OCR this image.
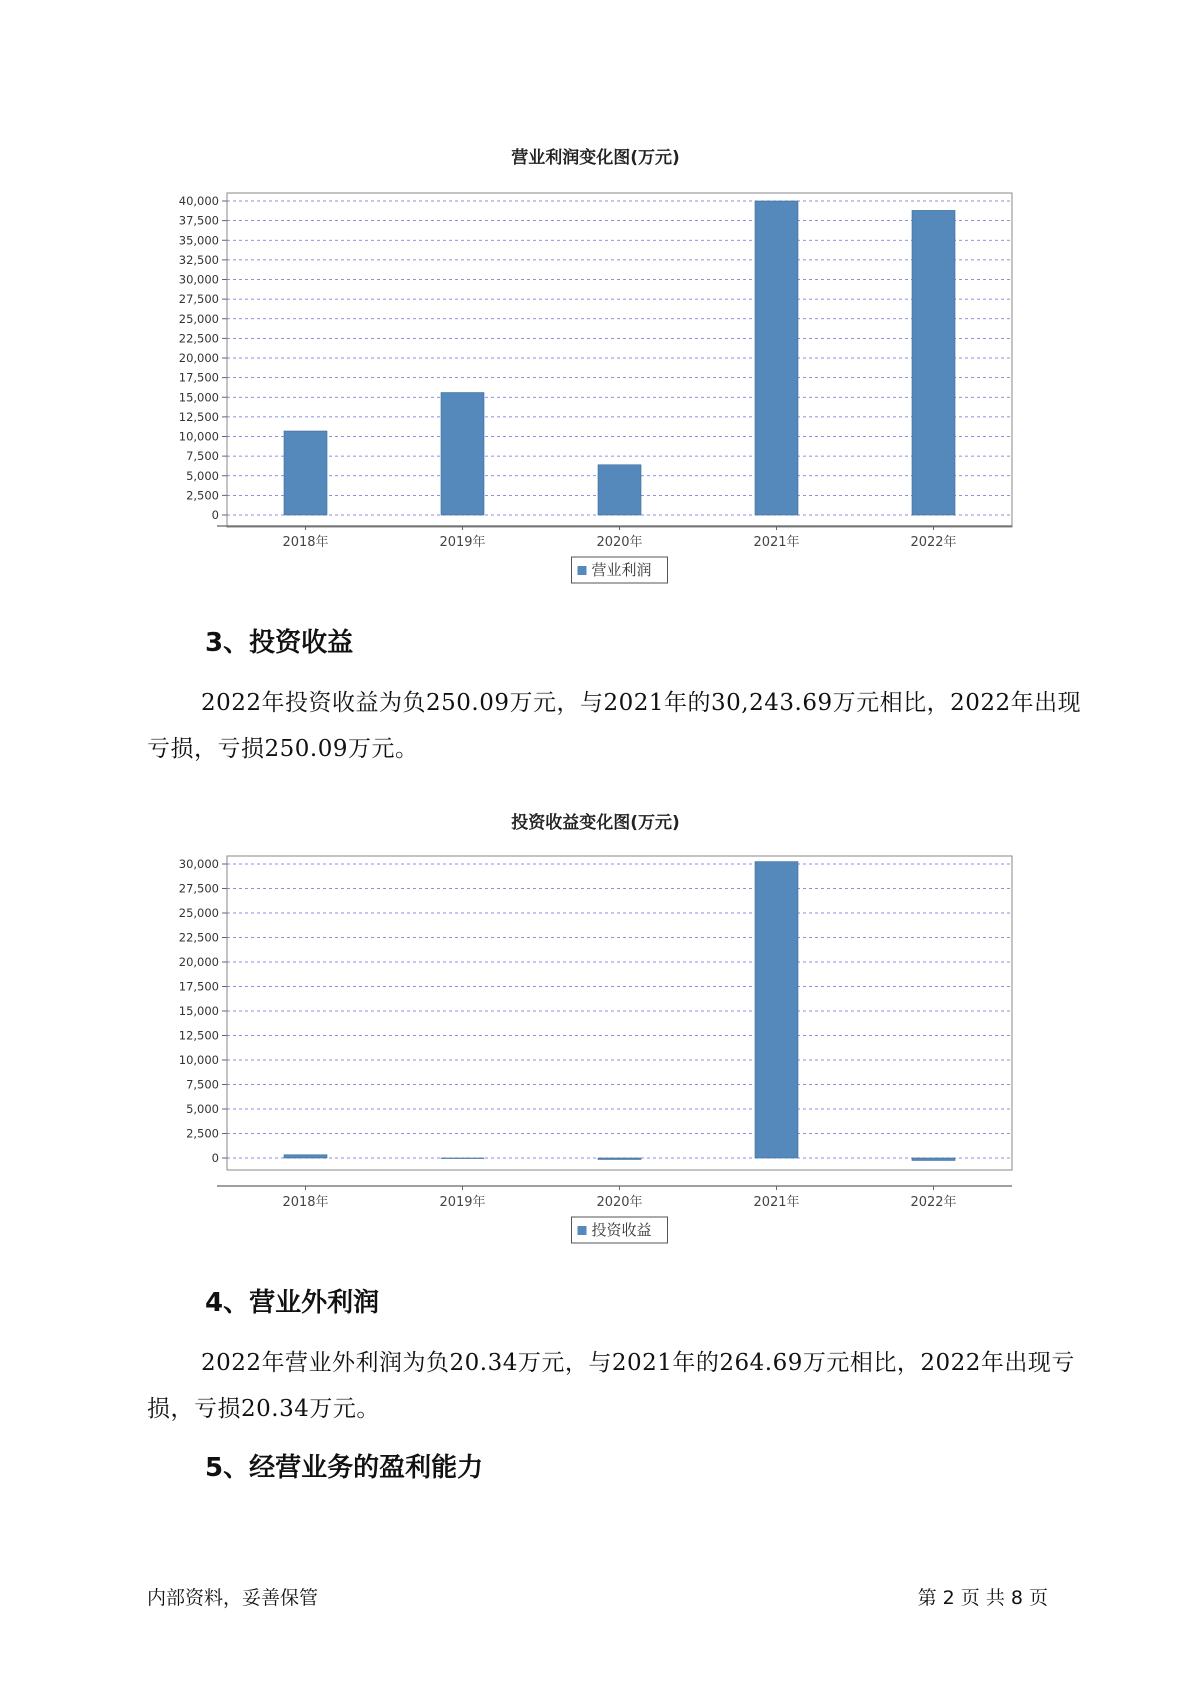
营业利润变化图(万元)
0
2,500
5,000
7,500
10,000
12,500
15,000
17,500
20,000
22,500
25,000
27,500
30,000
32,500
35,000
37,500
40,000
2018年	2019年	2020年	2021年	2022年
营业利润
3、投资收益

2022年投资收益为负250.09万元，与2021年的30,243.69万元相比，2022年出现亏损，亏损250.09万元。

投资收益变化图(万元)
0
2,500
5,000
7,500
10,000
12,500
15,000
17,500
20,000
22,500
25,000
27,500
30,000
2018年	2019年	2020年	2021年	2022年
投资收益
4、营业外利润

2022年营业外利润为负20.34万元，与2021年的264.69万元相比，2022年出现亏损，亏损20.34万元。

5、经营业务的盈利能力
内部资料，妥善保管	第 2 页 共 8 页
